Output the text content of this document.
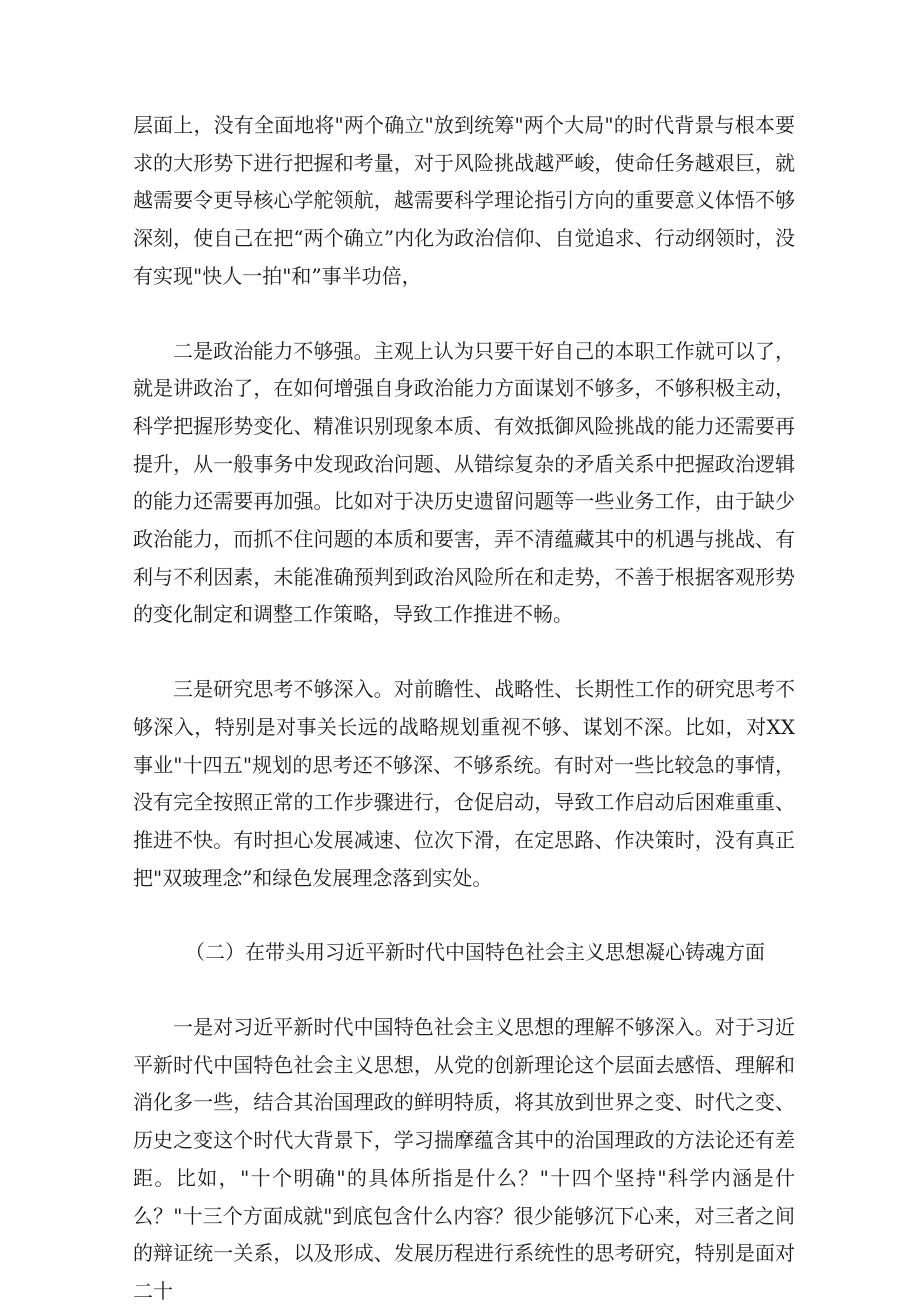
层面上，没有全面地将"两个确立"放到统筹"两个大局"的时代背景与根本要求的大形势下进行把握和考量，对于风险挑战越严峻，使命任务越艰巨，就越需要令更导核心学舵领航，越需要科学理论指引方向的重要意义体悟不够深刻，使自己在把“两个确立”内化为政治信仰、自觉追求、行动纲领时，没有实现"快人一拍"和”事半功倍，

二是政治能力不够强。主观上认为只要干好自己的本职工作就可以了，就是讲政治了，在如何增强自身政治能力方面谋划不够多，不够积极主动，科学把握形势变化、精准识别现象本质、有效抵御风险挑战的能力还需要再提升，从一般事务中发现政治问题、从错综复杂的矛盾关系中把握政治逻辑的能力还需要再加强。比如对于决历史遗留问题等一些业务工作，由于缺少政治能力，而抓不住问题的本质和要害，弄不清蕴藏其中的机遇与挑战、有利与不利因素，未能准确预判到政治风险所在和走势，不善于根据客观形势的变化制定和调整工作策略，导致工作推进不畅。

三是研究思考不够深入。对前瞻性、战略性、长期性工作的研究思考不够深入，特别是对事关长远的战略规划重视不够、谋划不深。比如，对XX事业"十四五"规划的思考还不够深、不够系统。有时对一些比较急的事情，没有完全按照正常的工作步骤进行，仓促启动，导致工作启动后困难重重、推进不快。有时担心发展减速、位次下滑，在定思路、作决策时，没有真正把"双玻理念”和绿色发展理念落到实处。

（二）在带头用习近平新时代中国特色社会主义思想凝心铸魂方面

一是对习近平新时代中国特色社会主义思想的理解不够深入。对于习近平新时代中国特色社会主义思想，从党的创新理论这个层面去感悟、理解和消化多一些，结合其治国理政的鲜明特质，将其放到世界之变、时代之变、历史之变这个时代大背景下，学习揣摩蕴含其中的治国理政的方法论还有差距。比如，"十个明确"的具体所指是什么？"十四个坚持"科学内涵是什么？"十三个方面成就"到底包含什么内容？很少能够沉下心来，对三者之间的辩证统一关系，以及形成、发展历程进行系统性的思考研究，特别是面对二十
